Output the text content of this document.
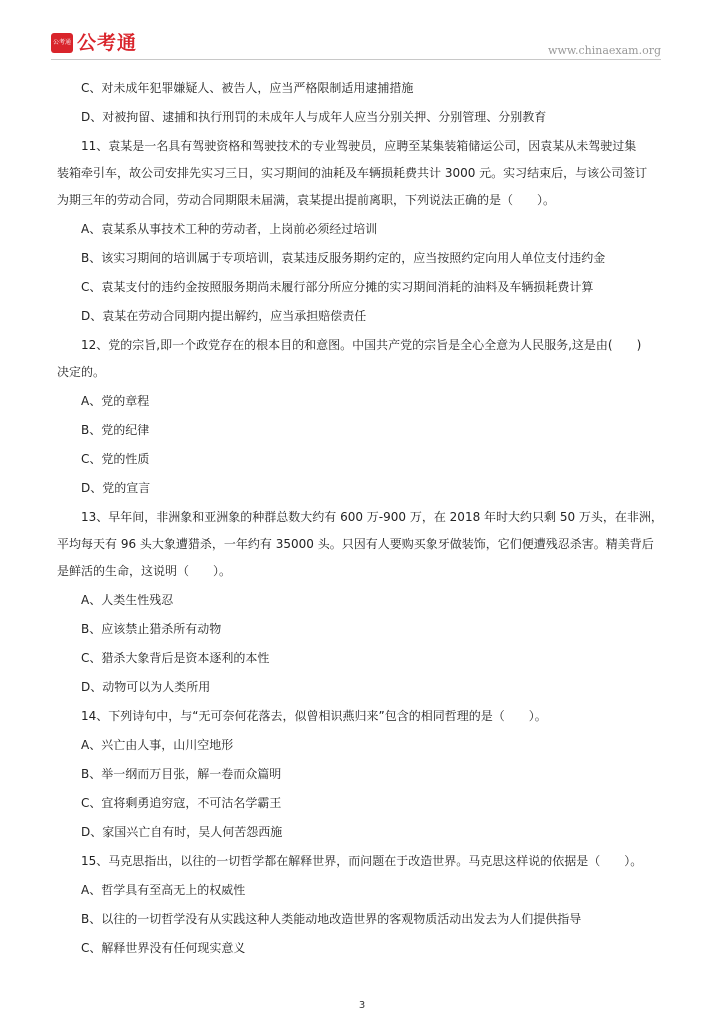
公考通 公考通	www.chinaexam.org

C、对未成年犯罪嫌疑人、被告人，应当严格限制适用逮捕措施

D、对被拘留、逮捕和执行刑罚的未成年人与成年人应当分别关押、分别管理、分别教育

11、袁某是一名具有驾驶资格和驾驶技术的专业驾驶员，应聘至某集装箱储运公司，因袁某从未驾驶过集
装箱牵引车，故公司安排先实习三日，实习期间的油耗及车辆损耗费共计 3000 元。实习结束后，与该公司签订
为期三年的劳动合同，劳动合同期限未届满，袁某提出提前离职，下列说法正确的是（　　）。

A、袁某系从事技术工种的劳动者，上岗前必须经过培训

B、该实习期间的培训属于专项培训，袁某违反服务期约定的，应当按照约定向用人单位支付违约金

C、袁某支付的违约金按照服务期尚未履行部分所应分摊的实习期间消耗的油料及车辆损耗费计算

D、袁某在劳动合同期内提出解约，应当承担赔偿责任

12、党的宗旨,即一个政党存在的根本目的和意图。中国共产党的宗旨是全心全意为人民服务,这是由(　　)
决定的。

A、党的章程

B、党的纪律

C、党的性质

D、党的宣言

13、早年间，非洲象和亚洲象的种群总数大约有 600 万-900 万，在 2018 年时大约只剩 50 万头，在非洲，
平均每天有 96 头大象遭猎杀，一年约有 35000 头。只因有人要购买象牙做装饰，它们便遭残忍杀害。精美背后
是鲜活的生命，这说明（　　）。

A、人类生性残忍

B、应该禁止猎杀所有动物

C、猎杀大象背后是资本逐利的本性

D、动物可以为人类所用

14、下列诗句中，与“无可奈何花落去，似曾相识燕归来”包含的相同哲理的是（　　）。

A、兴亡由人事，山川空地形

B、举一纲而万目张，解一卷而众篇明

C、宜将剩勇追穷寇，不可沽名学霸王

D、家国兴亡自有时，吴人何苦怨西施

15、马克思指出，以往的一切哲学都在解释世界，而问题在于改造世界。马克思这样说的依据是（　　）。

A、哲学具有至高无上的权威性

B、以往的一切哲学没有从实践这种人类能动地改造世界的客观物质活动出发去为人们提供指导

C、解释世界没有任何现实意义

3
